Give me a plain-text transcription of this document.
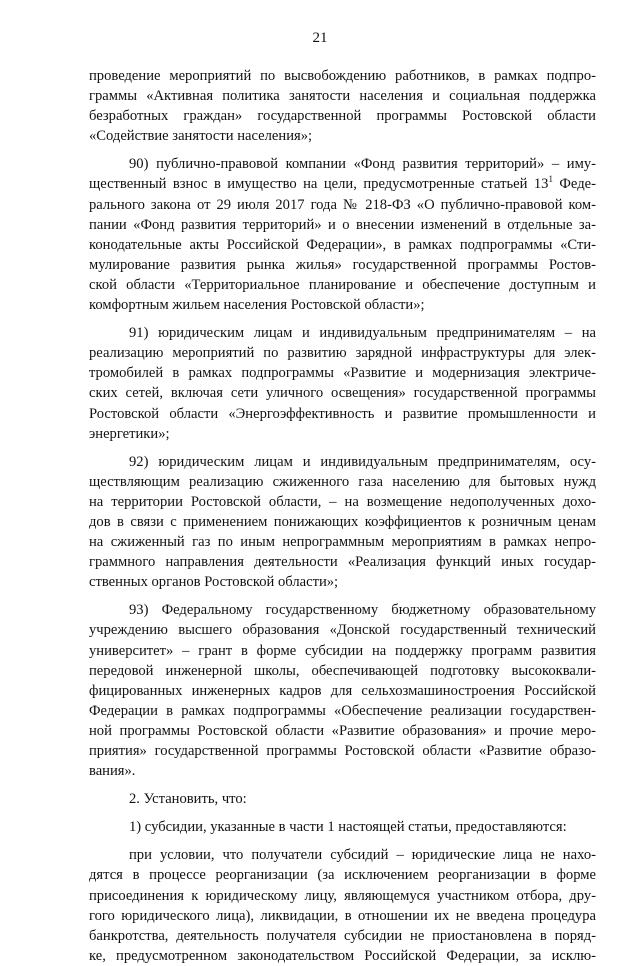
21
проведение мероприятий по высвобождению работников, в рамках подпро-
граммы «Активная политика занятости населения и социальная поддержка
безработных граждан» государственной программы Ростовской области
«Содействие занятости населения»;
90) публично-правовой компании «Фонд развития территорий» – иму-
щественный взнос в имущество на цели, предусмотренные статьей $13^1$ Феде-
рального закона от 29 июля 2017 года № 218-ФЗ «О публично-правовой ком-
пании «Фонд развития территорий» и о внесении изменений в отдельные за-
конодательные акты Российской Федерации», в рамках подпрограммы «Сти-
мулирование развития рынка жилья» государственной программы Ростов-
ской области «Территориальное планирование и обеспечение доступным и
комфортным жильем населения Ростовской области»;
91) юридическим лицам и индивидуальным предпринимателям – на
реализацию мероприятий по развитию зарядной инфраструктуры для элек-
тромобилей в рамках подпрограммы «Развитие и модернизация электриче-
ских сетей, включая сети уличного освещения» государственной программы
Ростовской области «Энергоэффективность и развитие промышленности и
энергетики»;
92) юридическим лицам и индивидуальным предпринимателям, осу-
ществляющим реализацию сжиженного газа населению для бытовых нужд
на территории Ростовской области, – на возмещение недополученных дохо-
дов в связи с применением понижающих коэффициентов к розничным ценам
на сжиженный газ по иным непрограммным мероприятиям в рамках непро-
граммного направления деятельности «Реализация функций иных государ-
ственных органов Ростовской области»;
93) Федеральному государственному бюджетному образовательному
учреждению высшего образования «Донской государственный технический
университет» – грант в форме субсидии на поддержку программ развития
передовой инженерной школы, обеспечивающей подготовку высококвали-
фицированных инженерных кадров для сельхозмашиностроения Российской
Федерации в рамках подпрограммы «Обеспечение реализации государствен-
ной программы Ростовской области «Развитие образования» и прочие меро-
приятия» государственной программы Ростовской области «Развитие образо-
вания».
2. Установить, что:
1) субсидии, указанные в части 1 настоящей статьи, предоставляются:
при условии, что получатели субсидий – юридические лица не нахо-
дятся в процессе реорганизации (за исключением реорганизации в форме
присоединения к юридическому лицу, являющемуся участником отбора, дру-
гого юридического лица), ликвидации, в отношении их не введена процедура
банкротства, деятельность получателя субсидии не приостановлена в поряд-
ке, предусмотренном законодательством Российской Федерации, за исклю-
